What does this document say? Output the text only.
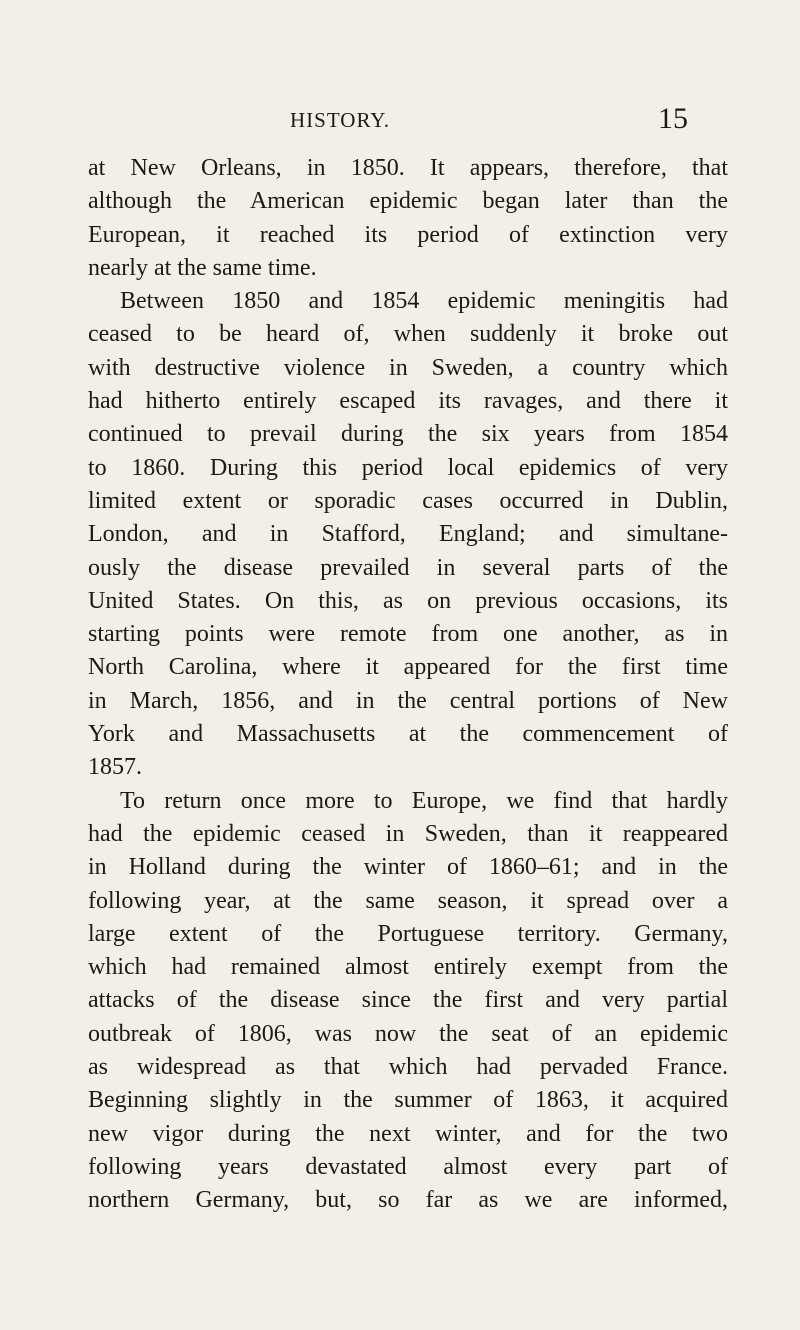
HISTORY.	15
at New Orleans, in 1850. It appears, therefore, that
although the American epidemic began later than the
European, it reached its period of extinction very
nearly at the same time.
Between 1850 and 1854 epidemic meningitis had
ceased to be heard of, when suddenly it broke out
with destructive violence in Sweden, a country which
had hitherto entirely escaped its ravages, and there it
continued to prevail during the six years from 1854
to 1860. During this period local epidemics of very
limited extent or sporadic cases occurred in Dublin,
London, and in Stafford, England; and simultane-
ously the disease prevailed in several parts of the
United States. On this, as on previous occasions, its
starting points were remote from one another, as in
North Carolina, where it appeared for the first time
in March, 1856, and in the central portions of New
York and Massachusetts at the commencement of
1857.
To return once more to Europe, we find that hardly
had the epidemic ceased in Sweden, than it reappeared
in Holland during the winter of 1860–61; and in the
following year, at the same season, it spread over a
large extent of the Portuguese territory. Germany,
which had remained almost entirely exempt from the
attacks of the disease since the first and very partial
outbreak of 1806, was now the seat of an epidemic
as widespread as that which had pervaded France.
Beginning slightly in the summer of 1863, it acquired
new vigor during the next winter, and for the two
following years devastated almost every part of
northern Germany, but, so far as we are informed,
